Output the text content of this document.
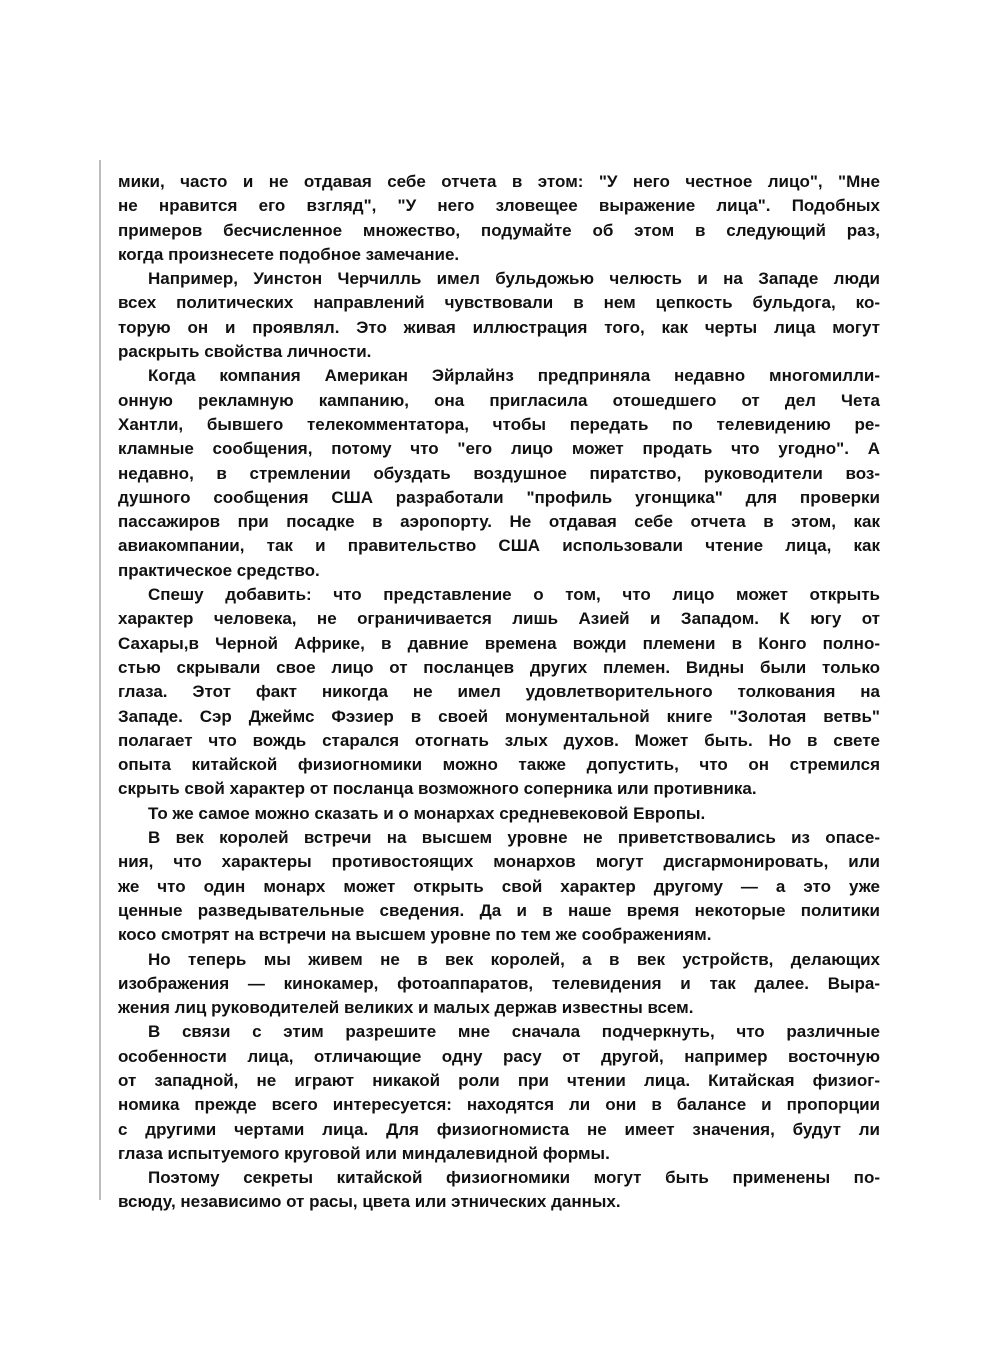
мики, часто и не отдавая себе отчета в этом: "У него честное лицо", "Мне
не нравится его взгляд", "У него зловещее выражение лица". Подобных
примеров бесчисленное множество, подумайте об этом в следующий раз,
когда произнесете подобное замечание.
Например, Уинстон Черчилль имел бульдожью челюсть и на Западе люди
всех политических направлений чувствовали в нем цепкость бульдога, ко-
торую он и проявлял. Это живая иллюстрация того, как черты лица могут
раскрыть свойства личности.
Когда компания Американ Эйрлайнз предприняла недавно многомилли-
онную рекламную кампанию, она пригласила отошедшего от дел Чета
Хантли, бывшего телекомментатора, чтобы передать по телевидению ре-
кламные сообщения, потому что "его лицо может продать что угодно". А
недавно, в стремлении обуздать воздушное пиратство, руководители воз-
душного сообщения США разработали "профиль угонщика" для проверки
пассажиров при посадке в аэропорту. Не отдавая себе отчета в этом, как
авиакомпании, так и правительство США использовали чтение лица, как
практическое средство.
Спешу добавить: что представление о том, что лицо может открыть
характер человека, не ограничивается лишь Азией и Западом. К югу от
Сахары,в Черной Африке, в давние времена вожди племени в Конго полно-
стью скрывали свое лицо от посланцев других племен. Видны были только
глаза. Этот факт никогда не имел удовлетворительного толкования на
Западе. Сэр Джеймс Фэзиер в своей монументальной книге "Золотая ветвь"
полагает что вождь старался отогнать злых духов. Может быть. Но в свете
опыта китайской физиогномики можно также допустить, что он стремился
скрыть свой характер от посланца возможного соперника или противника.
То же самое можно сказать и о монархах средневековой Европы.
В век королей встречи на высшем уровне не приветствовались из опасе-
ния, что характеры противостоящих монархов могут дисгармонировать, или
же что один монарх может открыть свой характер другому — а это уже
ценные разведывательные сведения. Да и в наше время некоторые политики
косо смотрят на встречи на высшем уровне по тем же соображениям.
Но теперь мы живем не в век королей, а в век устройств, делающих
изображения — кинокамер, фотоаппаратов, телевидения и так далее. Выра-
жения лиц руководителей великих и малых держав известны всем.
В связи с этим разрешите мне сначала подчеркнуть, что различные
особенности лица, отличающие одну расу от другой, например восточную
от западной, не играют никакой роли при чтении лица. Китайская физиог-
номика прежде всего интересуется: находятся ли они в балансе и пропорции
с другими чертами лица. Для физиогномиста не имеет значения, будут ли
глаза испытуемого круговой или миндалевидной формы.
Поэтому секреты китайской физиогномики могут быть применены по-
всюду, независимо от расы, цвета или этнических данных.
